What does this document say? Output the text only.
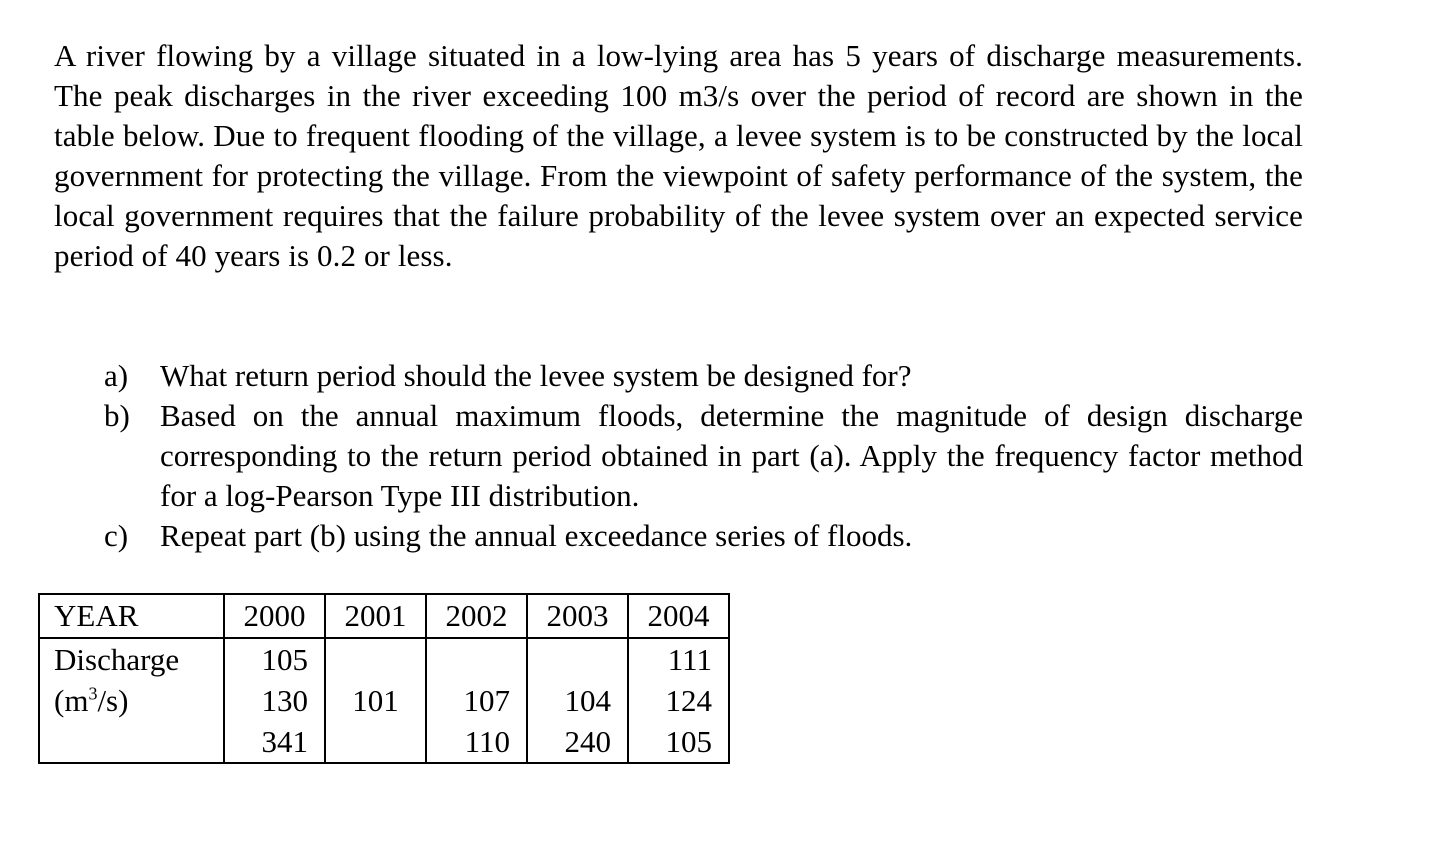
A river flowing by a village situated in a low-lying area has 5 years of discharge measurements. The peak discharges in the river exceeding 100 m3/s over the period of record are shown in the table below. Due to frequent flooding of the village, a levee system is to be constructed by the local government for protecting the village. From the viewpoint of safety performance of the system, the local government requires that the failure probability of the levee system over an expected service period of 40 years is 0.2 or less.

a) What return period should the levee system be designed for?
b) Based on the annual maximum floods, determine the magnitude of design discharge corresponding to the return period obtained in part (a). Apply the frequency factor method for a log-Pearson Type III distribution.
c) Repeat part (b) using the annual exceedance series of floods.
YEAR	2000	2001	2002	2003	2004
Discharge	105				111
$(m^3/s)$	130	101	107	104	124
	341		110	240	105
